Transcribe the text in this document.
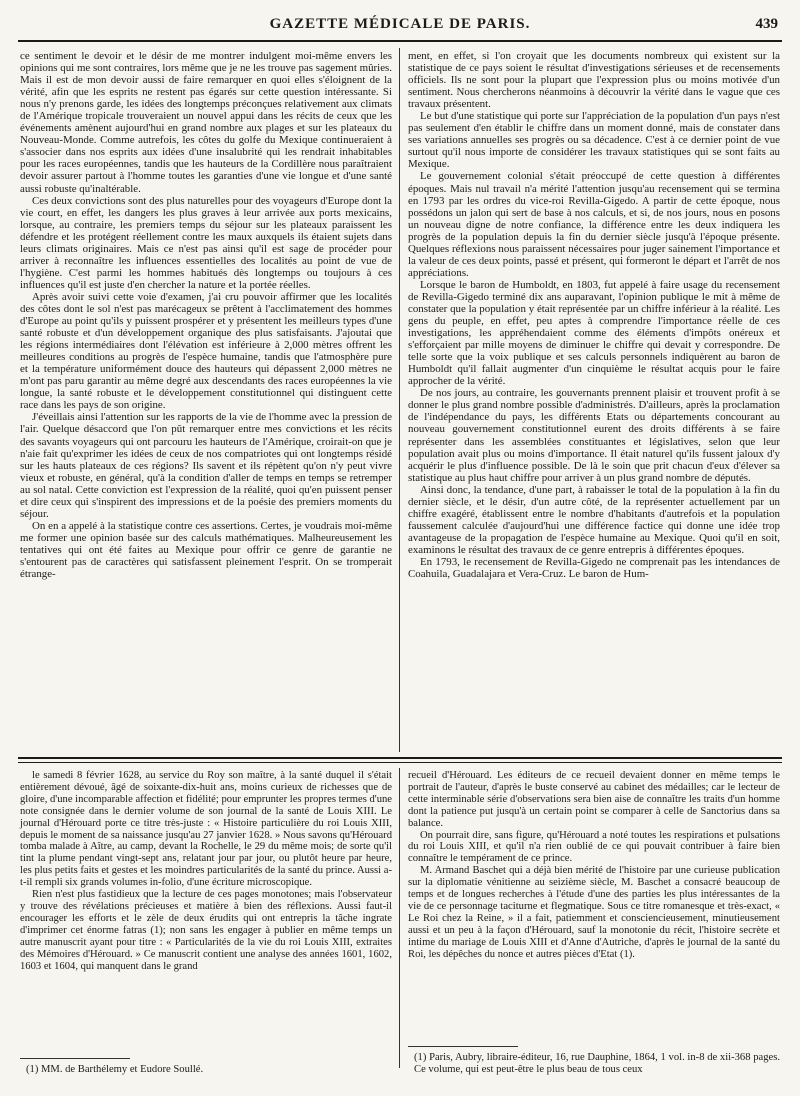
GAZETTE MÉDICALE DE PARIS.	439

ce sentiment le devoir et le désir de me montrer indulgent moi-même envers les opinions qui me sont contraires, lors même que je ne les trouve pas sagement mûries. Mais il est de mon devoir aussi de faire remarquer en quoi elles s'éloignent de la vérité, afin que les esprits ne restent pas égarés sur cette question intéressante. Si nous n'y prenons garde, les idées des longtemps préconçues relativement aux climats de l'Amérique tropicale trouveraient un nouvel appui dans les récits de ceux que les événements amènent aujourd'hui en grand nombre aux plages et sur les plateaux du Nouveau-Monde. Comme autrefois, les côtes du golfe du Mexique continueraient à s'associer dans nos esprits aux idées d'une insalubrité qui les rendrait inhabitables pour les races européennes, tandis que les hauteurs de la Cordillère nous paraîtraient devoir assurer partout à l'homme toutes les garanties d'une vie longue et d'une santé aussi robuste qu'inaltérable.

Ces deux convictions sont des plus naturelles pour des voyageurs d'Europe dont la vie court, en effet, les dangers les plus graves à leur arrivée aux ports mexicains, lorsque, au contraire, les premiers temps du séjour sur les plateaux paraissent les défendre et les protégent réellement contre les maux auxquels ils étaient sujets dans leurs climats originaires. Mais ce n'est pas ainsi qu'il est sage de procéder pour arriver à reconnaître les influences essentielles des localités au point de vue de l'hygiène. C'est parmi les hommes habitués dès longtemps ou toujours à ces influences qu'il est juste d'en chercher la nature et la portée réelles.

Après avoir suivi cette voie d'examen, j'ai cru pouvoir affirmer que les localités des côtes dont le sol n'est pas marécageux se prêtent à l'acclimatement des hommes d'Europe au point qu'ils y puissent prospérer et y présentent les meilleurs types d'une santé robuste et d'un développement organique des plus satisfaisants. J'ajoutai que les régions intermédiaires dont l'élévation est inférieure à 2,000 mètres offrent les meilleures conditions au progrès de l'espèce humaine, tandis que l'atmosphère pure et la température uniformément douce des hauteurs qui dépassent 2,000 mètres ne m'ont pas paru garantir au même degré aux descendants des races européennes la vie longue, la santé robuste et le développement constitutionnel qui distinguent cette race dans les pays de son origine.

J'éveillais ainsi l'attention sur les rapports de la vie de l'homme avec la pression de l'air. Quelque désaccord que l'on pût remarquer entre mes convictions et les récits des savants voyageurs qui ont parcouru les hauteurs de l'Amérique, croirait-on que je n'aie fait qu'exprimer les idées de ceux de nos compatriotes qui ont longtemps résidé sur les hauts plateaux de ces régions? Ils savent et ils répètent qu'on n'y peut vivre vieux et robuste, en général, qu'à la condition d'aller de temps en temps se retremper au sol natal. Cette conviction est l'expression de la réalité, quoi qu'en puissent penser et dire ceux qui s'inspirent des impressions et de la poésie des premiers moments du séjour.

On en a appelé à la statistique contre ces assertions. Certes, je voudrais moi-même me former une opinion basée sur des calculs mathématiques. Malheureusement les tentatives qui ont été faites au Mexique pour offrir ce genre de garantie ne s'entourent pas de caractères qui satisfassent pleinement l'esprit. On se tromperait étrange-

ment, en effet, si l'on croyait que les documents nombreux qui existent sur la statistique de ce pays soient le résultat d'investigations sérieuses et de recensements officiels. Ils ne sont pour la plupart que l'expression plus ou moins motivée d'un sentiment. Nous chercherons néanmoins à découvrir la vérité dans le vague que ces travaux présentent.

Le but d'une statistique qui porte sur l'appréciation de la population d'un pays n'est pas seulement d'en établir le chiffre dans un moment donné, mais de constater dans ses variations annuelles ses progrès ou sa décadence. C'est à ce dernier point de vue surtout qu'il nous importe de considérer les travaux statistiques qui se sont faits au Mexique.

Le gouvernement colonial s'était préoccupé de cette question à différentes époques. Mais nul travail n'a mérité l'attention jusqu'au recensement qui se termina en 1793 par les ordres du vice-roi Revilla-Gigedo. A partir de cette époque, nous possédons un jalon qui sert de base à nos calculs, et si, de nos jours, nous en posons un nouveau digne de notre confiance, la différence entre les deux indiquera les progrès de la population depuis la fin du dernier siècle jusqu'à l'époque présente. Quelques réflexions nous paraissent nécessaires pour juger sainement l'importance et la valeur de ces deux points, passé et présent, qui formeront le départ et l'arrêt de nos appréciations.

Lorsque le baron de Humboldt, en 1803, fut appelé à faire usage du recensement de Revilla-Gigedo terminé dix ans auparavant, l'opinion publique le mit à même de constater que la population y était représentée par un chiffre inférieur à la réalité. Les gens du peuple, en effet, peu aptes à comprendre l'importance réelle de ces investigations, les appréhendaient comme des éléments d'impôts onéreux et s'efforçaient par mille moyens de diminuer le chiffre qui devait y correspondre. De telle sorte que la voix publique et ses calculs personnels indiquèrent au baron de Humboldt qu'il fallait augmenter d'un cinquième le résultat acquis pour le faire approcher de la vérité.

De nos jours, au contraire, les gouvernants prennent plaisir et trouvent profit à se donner le plus grand nombre possible d'administrés. D'ailleurs, après la proclamation de l'indépendance du pays, les différents Etats ou départements concourant au nouveau gouvernement constitutionnel eurent des droits différents à se faire représenter dans les assemblées constituantes et législatives, selon que leur population avait plus ou moins d'importance. Il était naturel qu'ils fussent jaloux d'y acquérir le plus d'influence possible. De là le soin que prit chacun d'eux d'élever sa statistique au plus haut chiffre pour arriver à un plus grand nombre de députés.

Ainsi donc, la tendance, d'une part, à rabaisser le total de la population à la fin du dernier siècle, et le désir, d'un autre côté, de la représenter actuellement par un chiffre exagéré, établissent entre le nombre d'habitants d'autrefois et la population faussement calculée d'aujourd'hui une différence factice qui donne une idée trop avantageuse de la propagation de l'espèce humaine au Mexique. Quoi qu'il en soit, examinons le résultat des travaux de ce genre entrepris à différentes époques.

En 1793, le recensement de Revilla-Gigedo ne comprenait pas les intendances de Coahuila, Guadalajara et Vera-Cruz. Le baron de Hum-

le samedi 8 février 1628, au service du Roy son maître, à la santé duquel il s'était entièrement dévoué, âgé de soixante-dix-huit ans, moins curieux de richesses que de gloire, d'une incomparable affection et fidélité; pour emprunter les propres termes d'une note consignée dans le dernier volume de son journal de la santé de Louis XIII. Le journal d'Hérouard porte ce titre très-juste : « Histoire particulière du roi Louis XIII, depuis le moment de sa naissance jusqu'au 27 janvier 1628. » Nous savons qu'Hérouard tomba malade à Aître, au camp, devant la Rochelle, le 29 du même mois; de sorte qu'il tint la plume pendant vingt-sept ans, relatant jour par jour, ou plutôt heure par heure, les plus petits faits et gestes et les moindres particularités de la santé du prince. Aussi a-t-il rempli six grands volumes in-folio, d'une écriture microscopique.

Rien n'est plus fastidieux que la lecture de ces pages monotones; mais l'observateur y trouve des révélations précieuses et matière à bien des réflexions. Aussi faut-il encourager les efforts et le zèle de deux érudits qui ont entrepris la tâche ingrate d'imprimer cet énorme fatras (1); non sans les engager à publier en même temps un autre manuscrit ayant pour titre : « Particularités de la vie du roi Louis XIII, extraites des Mémoires d'Hérouard. » Ce manuscrit contient une analyse des années 1601, 1602, 1603 et 1604, qui manquent dans le grand

recueil d'Hérouard. Les éditeurs de ce recueil devaient donner en même temps le portrait de l'auteur, d'après le buste conservé au cabinet des médailles; car le lecteur de cette interminable série d'observations sera bien aise de connaître les traits d'un homme dont la patience put jusqu'à un certain point se comparer à celle de Sanctorius dans sa balance.

On pourrait dire, sans figure, qu'Hérouard a noté toutes les respirations et pulsations du roi Louis XIII, et qu'il n'a rien oublié de ce qui pouvait contribuer à faire bien connaître le tempérament de ce prince.

M. Armand Baschet qui a déjà bien mérité de l'histoire par une curieuse publication sur la diplomatie vénitienne au seizième siècle, M. Baschet a consacré beaucoup de temps et de longues recherches à l'étude d'une des parties les plus intéressantes de la vie de ce personnage taciturne et flegmatique. Sous ce titre romanesque et très-exact, « Le Roi chez la Reine, » il a fait, patiemment et consciencieusement, minutieusement aussi et un peu à la façon d'Hérouard, sauf la monotonie du récit, l'histoire secrète et intime du mariage de Louis XIII et d'Anne d'Autriche, d'après le journal de la santé du Roi, les dépêches du nonce et autres pièces d'Etat (1).

(1) MM. de Barthélemy et Eudore Soullé.
(1) Paris, Aubry, libraire-éditeur, 16, rue Dauphine, 1864, 1 vol. in-8 de xii-368 pages. Ce volume, qui est peut-être le plus beau de tous ceux
